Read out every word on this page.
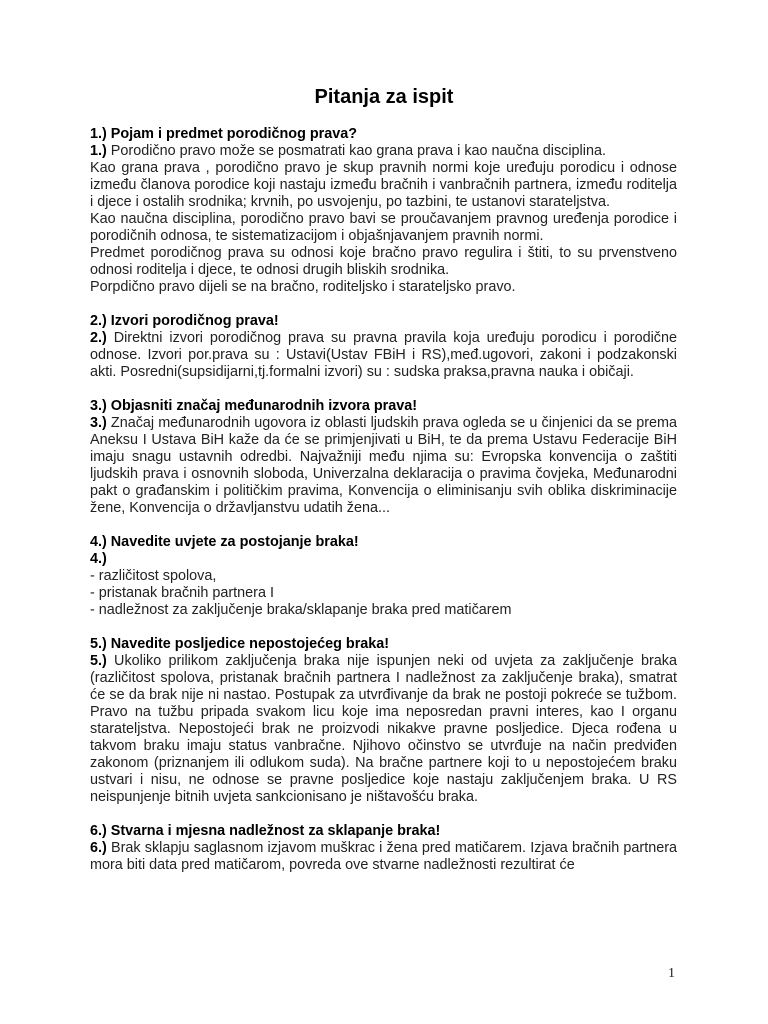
Pitanja za ispit

1.) Pojam i predmet porodičnog prava?

1.) Porodično pravo može se posmatrati kao grana prava i kao naučna disciplina.

Kao grana prava , porodično pravo je skup pravnih normi koje uređuju porodicu i odnose između članova porodice koji nastaju između bračnih i vanbračnih partnera, između roditelja i djece i ostalih srodnika; krvnih, po usvojenju, po tazbini, te ustanovi starateljstva.

Kao naučna disciplina, porodično pravo bavi se proučavanjem pravnog uređenja porodice i porodičnih odnosa, te sistematizacijom i objašnjavanjem pravnih normi.

Predmet porodičnog prava su odnosi koje bračno pravo regulira i štiti, to su prvenstveno odnosi roditelja i djece, te odnosi drugih bliskih srodnika.

Porpdično pravo dijeli se na bračno, roditeljsko i starateljsko pravo.

2.) Izvori porodičnog prava!

2.) Direktni izvori porodičnog prava su pravna pravila koja uređuju porodicu i porodične odnose. Izvori por.prava su : Ustavi(Ustav FBiH i RS),međ.ugovori, zakoni i podzakonski akti. Posredni(supsidijarni,tj.formalni izvori) su : sudska praksa,pravna nauka i običaji.

3.) Objasniti značaj međunarodnih izvora prava!

3.) Značaj međunarodnih ugovora iz oblasti ljudskih prava ogleda se u činjenici da se prema Aneksu I Ustava BiH kaže da će se primjenjivati u BiH, te da prema Ustavu Federacije BiH imaju snagu ustavnih odredbi. Najvažniji među njima su: Evropska konvencija o zaštiti ljudskih prava i osnovnih sloboda, Univerzalna deklaracija o pravima čovjeka, Međunarodni pakt o građanskim i političkim pravima, Konvencija o eliminisanju svih oblika diskriminacije žene, Konvencija o državljanstvu udatih žena...

4.) Navedite uvjete za postojanje braka!

4.)

- različitost spolova,

- pristanak bračnih partnera I

- nadležnost za zaključenje braka/sklapanje braka pred matičarem

5.) Navedite posljedice nepostojećeg braka!

5.) Ukoliko prilikom zaključenja braka nije ispunjen neki od uvjeta za zaključenje braka (različitost spolova, pristanak bračnih partnera I nadležnost za zaključenje braka), smatrat će se da brak nije ni nastao. Postupak za utvrđivanje da brak ne postoji pokreće se tužbom. Pravo na tužbu pripada svakom licu koje ima neposredan pravni interes, kao I organu starateljstva. Nepostojeći brak ne proizvodi nikakve pravne posljedice. Djeca rođena u takvom braku imaju status vanbračne. Njihovo očinstvo se utvrđuje na način predviđen zakonom (priznanjem ili odlukom suda). Na bračne partnere koji to u nepostojećem braku ustvari i nisu, ne odnose se pravne posljedice koje nastaju zaključenjem braka. U RS neispunjenje bitnih uvjeta sankcionisano je ništavošću braka.

6.) Stvarna i mjesna nadležnost za sklapanje braka!

6.) Brak sklapju saglasnom izjavom muškrac i žena pred matičarem. Izjava bračnih partnera mora biti data pred matičarom, povreda ove stvarne nadležnosti rezultirat će

1
